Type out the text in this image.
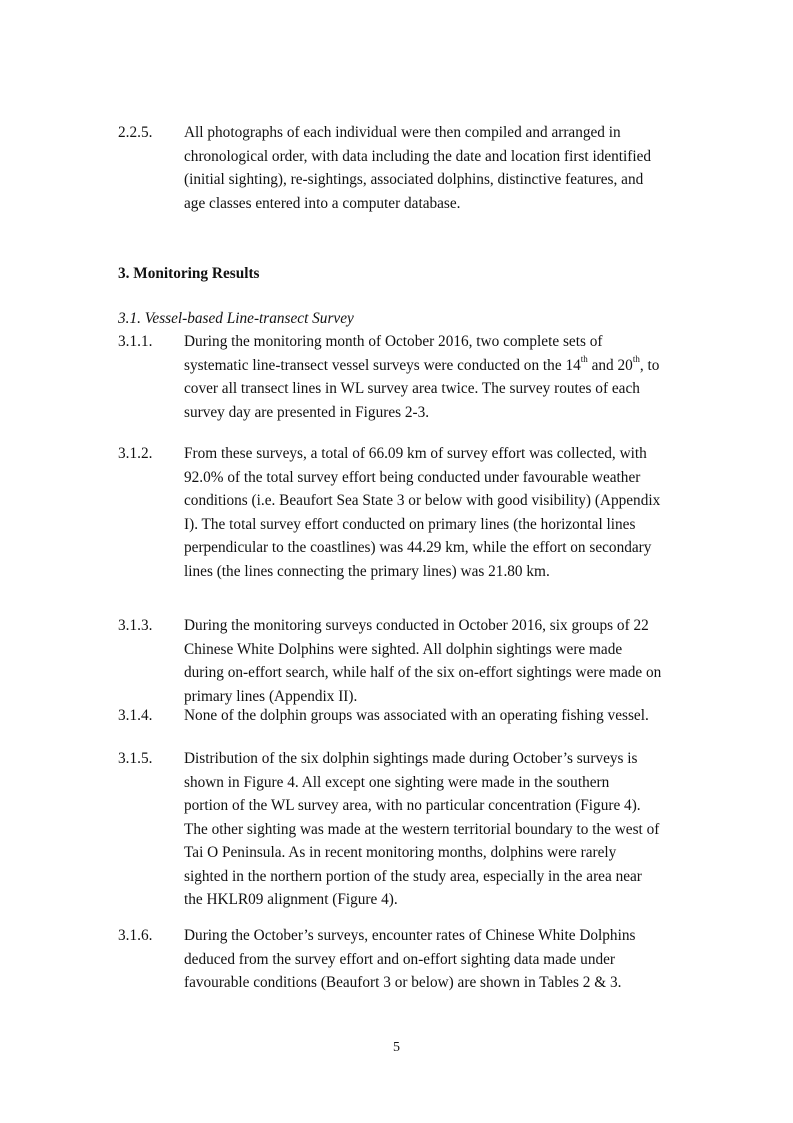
2.2.5. All photographs of each individual were then compiled and arranged in
chronological order, with data including the date and location first identified
(initial sighting), re-sightings, associated dolphins, distinctive features, and
age classes entered into a computer database.
3. Monitoring Results
3.1. Vessel-based Line-transect Survey
3.1.1. During the monitoring month of October 2016, two complete sets of
systematic line-transect vessel surveys were conducted on the 14th and 20th, to
cover all transect lines in WL survey area twice. The survey routes of each
survey day are presented in Figures 2-3.
3.1.2. From these surveys, a total of 66.09 km of survey effort was collected, with
92.0% of the total survey effort being conducted under favourable weather
conditions (i.e. Beaufort Sea State 3 or below with good visibility) (Appendix
I). The total survey effort conducted on primary lines (the horizontal lines
perpendicular to the coastlines) was 44.29 km, while the effort on secondary
lines (the lines connecting the primary lines) was 21.80 km.
3.1.3. During the monitoring surveys conducted in October 2016, six groups of 22
Chinese White Dolphins were sighted. All dolphin sightings were made
during on-effort search, while half of the six on-effort sightings were made on
primary lines (Appendix II).
3.1.4. None of the dolphin groups was associated with an operating fishing vessel.
3.1.5. Distribution of the six dolphin sightings made during October’s surveys is
shown in Figure 4. All except one sighting were made in the southern
portion of the WL survey area, with no particular concentration (Figure 4).
The other sighting was made at the western territorial boundary to the west of
Tai O Peninsula. As in recent monitoring months, dolphins were rarely
sighted in the northern portion of the study area, especially in the area near
the HKLR09 alignment (Figure 4).
3.1.6. During the October’s surveys, encounter rates of Chinese White Dolphins
deduced from the survey effort and on-effort sighting data made under
favourable conditions (Beaufort 3 or below) are shown in Tables 2 & 3.
5
